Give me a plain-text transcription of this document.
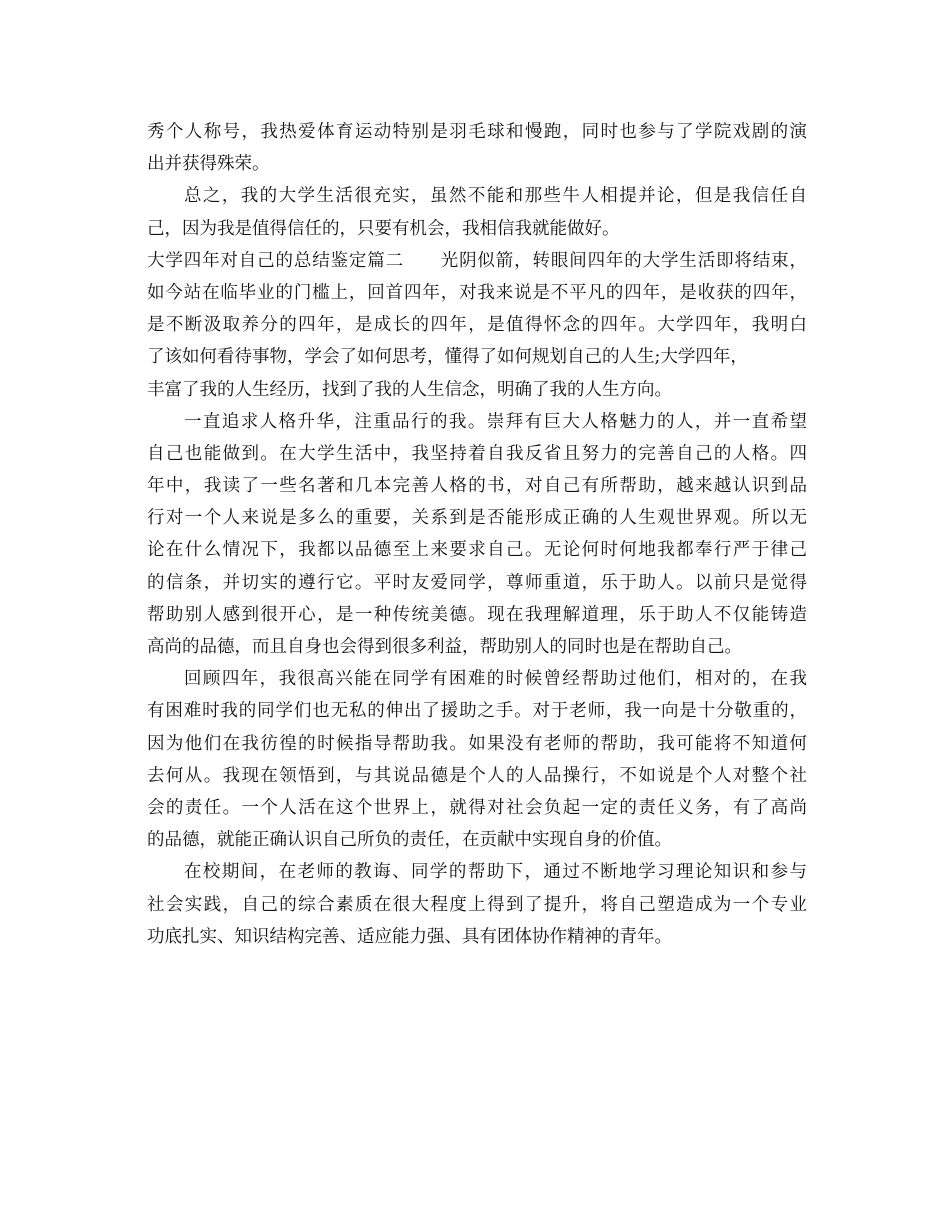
秀个人称号，我热爱体育运动特别是羽毛球和慢跑，同时也参与了学院戏剧的演
出并获得殊荣。
总之，我的大学生活很充实，虽然不能和那些牛人相提并论，但是我信任自
己，因为我是值得信任的，只要有机会，我相信我就能做好。
大学四年对自己的总结鉴定篇二　　光阴似箭，转眼间四年的大学生活即将结束，
如今站在临毕业的门槛上，回首四年，对我来说是不平凡的四年，是收获的四年，
是不断汲取养分的四年，是成长的四年，是值得怀念的四年。大学四年，我明白
了该如何看待事物，学会了如何思考，懂得了如何规划自己的人生;大学四年，
丰富了我的人生经历，找到了我的人生信念，明确了我的人生方向。
一直追求人格升华，注重品行的我。崇拜有巨大人格魅力的人，并一直希望
自己也能做到。在大学生活中，我坚持着自我反省且努力的完善自己的人格。四
年中，我读了一些名著和几本完善人格的书，对自己有所帮助，越来越认识到品
行对一个人来说是多么的重要，关系到是否能形成正确的人生观世界观。所以无
论在什么情况下，我都以品德至上来要求自己。无论何时何地我都奉行严于律己
的信条，并切实的遵行它。平时友爱同学，尊师重道，乐于助人。以前只是觉得
帮助别人感到很开心，是一种传统美德。现在我理解道理，乐于助人不仅能铸造
高尚的品德，而且自身也会得到很多利益，帮助别人的同时也是在帮助自己。
回顾四年，我很高兴能在同学有困难的时候曾经帮助过他们，相对的，在我
有困难时我的同学们也无私的伸出了援助之手。对于老师，我一向是十分敬重的，
因为他们在我彷徨的时候指导帮助我。如果没有老师的帮助，我可能将不知道何
去何从。我现在领悟到，与其说品德是个人的人品操行，不如说是个人对整个社
会的责任。一个人活在这个世界上，就得对社会负起一定的责任义务，有了高尚
的品德，就能正确认识自己所负的责任，在贡献中实现自身的价值。
在校期间，在老师的教诲、同学的帮助下，通过不断地学习理论知识和参与
社会实践，自己的综合素质在很大程度上得到了提升，将自己塑造成为一个专业
功底扎实、知识结构完善、适应能力强、具有团体协作精神的青年。
